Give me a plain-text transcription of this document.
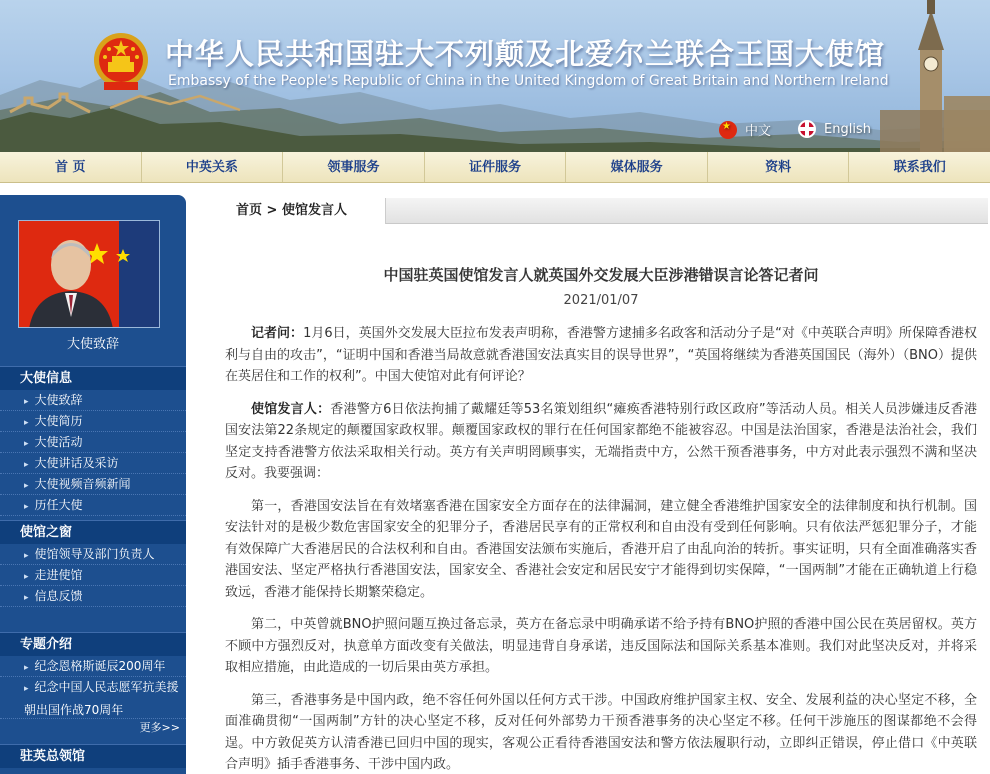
中华人民共和国驻大不列颠及北爱尔兰联合王国大使馆
Embassy of the People's Republic of China in the United Kingdom of Great Britain and Northern Ireland
★
中文	English
首 页	中英关系	领事服务	证件服务	媒体服务	资料	联系我们
大使致辞
大使信息
▸ 大使致辞
▸ 大使简历
▸ 大使活动
▸ 大使讲话及采访
▸ 大使视频音频新闻
▸ 历任大使
使馆之窗
▸ 使馆领导及部门负责人
▸ 走进使馆
▸ 信息反馈
专题介绍
▸ 纪念恩格斯诞辰200周年
▸ 纪念中国人民志愿军抗美援朝出国作战70周年
更多>>
驻英总领馆
首页 > 使馆发言人
中国驻英国使馆发言人就英国外交发展大臣涉港错误言论答记者问
2021/01/07
记者问：1月6日，英国外交发展大臣拉布发表声明称，香港警方逮捕多名政客和活动分子是“对《中英联合声明》所保障香港权利与自由的攻击”，“证明中国和香港当局故意就香港国安法真实目的误导世界”，“英国将继续为香港英国国民（海外）（BNO）提供在英居住和工作的权利”。中国大使馆对此有何评论？
使馆发言人：香港警方6日依法拘捕了戴耀廷等53名策划组织“瘫痪香港特别行政区政府”等活动人员。相关人员涉嫌违反香港国安法第22条规定的颠覆国家政权罪。颠覆国家政权的罪行在任何国家都绝不能被容忍。中国是法治国家，香港是法治社会，我们坚定支持香港警方依法采取相关行动。英方有关声明罔顾事实，无端指责中方，公然干预香港事务，中方对此表示强烈不满和坚决反对。我要强调：
第一，香港国安法旨在有效堵塞香港在国家安全方面存在的法律漏洞，建立健全香港维护国家安全的法律制度和执行机制。国安法针对的是极少数危害国家安全的犯罪分子，香港居民享有的正常权利和自由没有受到任何影响。只有依法严惩犯罪分子，才能有效保障广大香港居民的合法权利和自由。香港国安法颁布实施后，香港开启了由乱向治的转折。事实证明，只有全面准确落实香港国安法、坚定严格执行香港国安法，国家安全、香港社会安定和居民安宁才能得到切实保障，“一国两制”才能在正确轨道上行稳致远，香港才能保持长期繁荣稳定。
第二，中英曾就BNO护照问题互换过备忘录，英方在备忘录中明确承诺不给予持有BNO护照的香港中国公民在英居留权。英方不顾中方强烈反对，执意单方面改变有关做法，明显违背自身承诺，违反国际法和国际关系基本准则。我们对此坚决反对，并将采取相应措施，由此造成的一切后果由英方承担。
第三，香港事务是中国内政，绝不容任何外国以任何方式干涉。中国政府维护国家主权、安全、发展利益的决心坚定不移，全面准确贯彻“一国两制”方针的决心坚定不移，反对任何外部势力干预香港事务的决心坚定不移。任何干涉施压的图谋都绝不会得逞。中方敦促英方认清香港已回归中国的现实，客观公正看待香港国安法和警方依法履职行动，立即纠正错误，停止借口《中英联合声明》插手香港事务、干涉中国内政。
